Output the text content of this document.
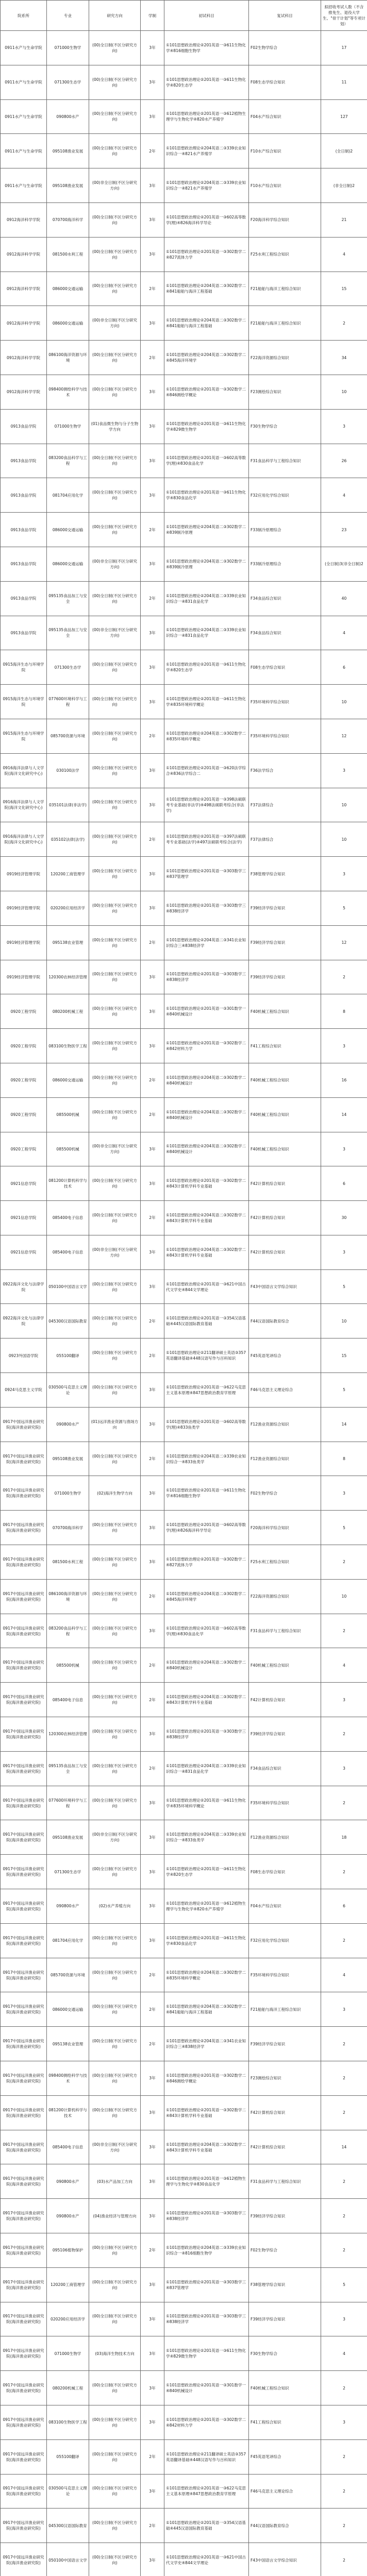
院系所	专业	研究方向	学制	初试科目	复试科目	拟招收考试人数（不含推免生、退役大学生、"骨干计划"等专项计划）
0911水产与生命学院	071000生物学	(00)全日制(不区分研究方向)	3年	①101思想政治理论②201英语一③611生物化学④816细胞生物学	F02生物学综合	17
0911水产与生命学院	071300生态学	(00)全日制(不区分研究方向)	3年	①101思想政治理论②201英语一③611生物化学④820生态学	F08生态学综合知识	11
0911水产与生命学院	090800水产	(00)全日制(不区分研究方向)	3年	①101思想政治理论②201英语一③612植物生理学与生物化学④820水产养殖学	F04水产综合知识	127
0911水产与生命学院	095108渔业发展	(00)全日制(不区分研究方向)	2年	①101思想政治理论②204英语二③339农业知识综合一④821水产养殖学	F10水产综合知识	(全日制)2
0911水产与生命学院	095108渔业发展	(00)非全日制(不区分研究方向)	3年	①101思想政治理论②204英语二③339农业知识综合一④821水产养殖学	F10水产综合知识	(非全日制)2
0912海洋科学学院	070700海洋科学	(00)全日制(不区分研究方向)	3年	①101思想政治理论②201英语一③602高等数学(理)④826海洋科学导论	F20海洋科学综合知识	21
0912海洋科学学院	081500水利工程	(00)全日制(不区分研究方向)	3年	①101思想政治理论②201英语一③302数学二④827流体力学	F25水利工程综合知识	4
0912海洋科学学院	086000交通运输	(00)全日制(不区分研究方向)	2年	①101思想政治理论②204英语二③302数学二④841船舶与海洋工程基础	F21船舶与海洋工程综合知识	15
0912海洋科学学院	086000交通运输	(00)非全日制(不区分研究方向)	3年	①101思想政治理论②204英语二③302数学二④841船舶与海洋工程基础	F21船舶与海洋工程综合知识	2
0912海洋科学学院	086100海洋资源与环境	(00)全日制(不区分研究方向)	2年	①101思想政治理论②204英语二③302数学二④845海洋环境学	F22海洋资源综合知识	34
0912海洋科学学院	098400测绘科学与技术	(00)全日制(不区分研究方向)	3年	①101思想政治理论②201英语一③302数学二④846测绘学概论	F23测绘综合知识	10
0913食品学院	071000生物学	(01)食品微生物与分子生物学方向	3年	①101思想政治理论②201英语一③611生物化学④829微生物学	F30生物学综合	3
0913食品学院	083200食品科学与工程	(00)全日制(不区分研究方向)	3年	①101思想政治理论②201英语一③602高等数学(理)④830食品化学	F31食品科学与工程综合知识	26
0913食品学院	081704应用化学	(00)全日制(不区分研究方向)	3年	①101思想政治理论②201英语一③611生物化学④830食品化学	F32应用化学综合知识	4
0913食品学院	086000交通运输	(00)全日制(不区分研究方向)	2年	①101思想政治理论②204英语二③302数学二④839制冷原理	F33制冷原理综合	23
0913食品学院	086000交通运输	(00)非全日制(不区分研究方向)	3年	①101思想政治理论②204英语二③302数学二④839制冷原理	F33制冷原理综合	(全日制)3(非全日制)2
0913食品学院	095135食品加工与安全	(00)全日制(不区分研究方向)	2年	①101思想政治理论②204英语二③339农业知识综合一④831食品化学	F34食品综合知识	40
0913食品学院	095135食品加工与安全	(00)非全日制(不区分研究方向)	3年	①101思想政治理论②204英语二③339农业知识综合一④831食品化学	F34食品综合知识	4
0915海洋生态与环境学院	071300生态学	(00)全日制(不区分研究方向)	3年	①101思想政治理论②201英语一③611生物化学④820生态学	F08生态学综合知识	6
0915海洋生态与环境学院	077600环境科学与工程	(00)全日制(不区分研究方向)	3年	①101思想政治理论②201英语一③611生物化学④835环境科学概论	F35环境科学综合知识	10
0915海洋生态与环境学院	085700资源与环境	(00)全日制(不区分研究方向)	2年	①101思想政治理论②204英语二③302数学二④835环境科学概论	F35环境科学综合知识	12
0916海洋法律与人文学院(海洋文化研究中心)	030100法学	(00)全日制(不区分研究方向)	3年	①101思想政治理论②201英语一③620法学综合④836法学综合二	F36法学综合	3
0916海洋法律与人文学院(海洋文化研究中心)	035101法律(非法学)	(00)全日制(不区分研究方向)	3年	①101思想政治理论②201英语一③398法硕联考专业基础(非法学)④498法硕联考综合(非法学)	F37法律综合	10
0916海洋法律与人文学院(海洋文化研究中心)	035102法律(法学)	(00)全日制(不区分研究方向)	2年	①101思想政治理论②201英语一③397法硕联考专业基础(法学)④497法硕联考综合(法学)	F37法律综合	10
0919经济管理学院	120200工商管理学	(00)全日制(不区分研究方向)	3年	①101思想政治理论②201英语一③303数学三④837管理学	F38管理学综合知识	3
0919经济管理学院	020200应用经济学	(00)全日制(不区分研究方向)	3年	①101思想政治理论②201英语一③303数学三④838经济学	F39经济学综合知识	5
0919经济管理学院	095138农业管理	(00)全日制(不区分研究方向)	2年	①101思想政治理论②204英语二③341农业知识综合三④838经济学	F39经济学综合知识	12
0919经济管理学院	120300农林经济管理	(00)全日制(不区分研究方向)	3年	①101思想政治理论②201英语一③303数学三④838经济学	F39经济学综合知识	2
0920工程学院	080200机械工程	(00)全日制(不区分研究方向)	3年	①101思想政治理论②201英语一③301数学一④840机械设计	F40机械工程综合知识	8
0920工程学院	083100生物医学工程	(00)全日制(不区分研究方向)	3年	①101思想政治理论②201英语一③302数学二④842材料力学	F41工程综合知识	3
0920工程学院	086000交通运输	(00)全日制(不区分研究方向)	2年	①101思想政治理论②204英语二③302数学二④840机械设计	F40机械工程综合知识	16
0920工程学院	085500机械	(00)全日制(不区分研究方向)	2年	①101思想政治理论②204英语二③302数学二④840机械设计	F40机械工程综合知识	14
0920工程学院	085500机械	(00)非全日制(不区分研究方向)	3年	①101思想政治理论②204英语二③302数学二④840机械设计	F40机械工程综合知识	3
0921信息学院	081200计算机科学与技术	(00)全日制(不区分研究方向)	3年	①101思想政治理论②201英语一③302数学二④843计算机学科专业基础	F42计算机综合知识	6
0921信息学院	085400电子信息	(00)全日制(不区分研究方向)	2年	①101思想政治理论②204英语二③302数学二④843计算机学科专业基础	F42计算机综合知识	30
0921信息学院	085400电子信息	(00)非全日制(不区分研究方向)	3年	①101思想政治理论②204英语二③302数学二④843计算机学科专业基础	F42计算机综合知识	3
0922海洋文化与法律学院	050100中国语言文学	(00)全日制(不区分研究方向)	3年	①101思想政治理论②201英语一③621中国古代文学史④844文学理论	F43中国语言文学综合知识	5
0922海洋文化与法律学院	045300汉语国际教育	(00)全日制(不区分研究方向)	2年	①101思想政治理论②201英语一③354汉语基础④445汉语国际教育基础	F44汉语国际教育综合	10
0923外国语学院	055100翻译	(00)全日制(不区分研究方向)	2年	①101思想政治理论②211翻译硕士英语③357英语翻译基础④448汉语写作与百科知识	F45英语笔译综合	15
0924马克思主义学院	030500马克思主义理论	(00)全日制(不区分研究方向)	3年	①101思想政治理论②201英语一③622马克思主义基本原理④847思想政治教育学原理	F46马克思主义理论综合	5
0917中国远洋渔业研究院(海洋渔业研究院)	090800水产	(01)远洋渔业资源与渔场方向	3年	①101思想政治理论②201英语一③602高等数学(理)④833鱼类学	F12渔业资源综合知识	14
0917中国远洋渔业研究院(海洋渔业研究院)	095108渔业发展	(00)全日制(不区分研究方向)	2年	①101思想政治理论②204英语二③339农业知识综合一④833鱼类学	F12渔业资源综合知识	8
0917中国远洋渔业研究院(海洋渔业研究院)	071000生物学	(02)海洋生物学方向	3年	①101思想政治理论②201英语一③611生物化学④816细胞生物学	F02生物学综合	3
0917中国远洋渔业研究院(海洋渔业研究院)	070700海洋科学	(00)全日制(不区分研究方向)	3年	①101思想政治理论②201英语一③602高等数学(理)④826海洋科学导论	F20海洋科学综合知识	5
0917中国远洋渔业研究院(海洋渔业研究院)	081500水利工程	(00)全日制(不区分研究方向)	3年	①101思想政治理论②201英语一③302数学二④827流体力学	F25水利工程综合知识	2
0917中国远洋渔业研究院(海洋渔业研究院)	086100海洋资源与环境	(00)全日制(不区分研究方向)	2年	①101思想政治理论②204英语二③302数学二④845海洋环境学	F22海洋资源综合知识	10
0917中国远洋渔业研究院(海洋渔业研究院)	083200食品科学与工程	(00)全日制(不区分研究方向)	3年	①101思想政治理论②201英语一③602高等数学(理)④830食品化学	F31食品科学与工程综合知识	2
0917中国远洋渔业研究院(海洋渔业研究院)	085500机械	(00)全日制(不区分研究方向)	2年	①101思想政治理论②204英语二③302数学二④840机械设计	F40机械工程综合知识	4
0917中国远洋渔业研究院(海洋渔业研究院)	085400电子信息	(00)全日制(不区分研究方向)	2年	①101思想政治理论②204英语二③302数学二④843计算机学科专业基础	F42计算机综合知识	3
0917中国远洋渔业研究院(海洋渔业研究院)	120300农林经济管理	(00)全日制(不区分研究方向)	3年	①101思想政治理论②201英语一③303数学三④838经济学	F39经济学综合知识	2
0917中国远洋渔业研究院(海洋渔业研究院)	095135食品加工与安全	(00)全日制(不区分研究方向)	2年	①101思想政治理论②204英语二③339农业知识综合一④831食品化学	F34食品综合知识	3
0917中国远洋渔业研究院(海洋渔业研究院)	077600环境科学与工程	(00)全日制(不区分研究方向)	3年	①101思想政治理论②201英语一③611生物化学④835环境科学概论	F35环境科学综合知识	2
0917中国远洋渔业研究院(海洋渔业研究院)	095108渔业发展	(00)非全日制(不区分研究方向)	3年	①101思想政治理论②204英语二③339农业知识综合一④833鱼类学	F12渔业资源综合知识	18
0917中国远洋渔业研究院(海洋渔业研究院)	071300生态学	(00)全日制(不区分研究方向)	3年	①101思想政治理论②201英语一③611生物化学④820生态学	F08生态学综合知识	2
0917中国远洋渔业研究院(海洋渔业研究院)	090800水产	(02)水产养殖方向	3年	①101思想政治理论②201英语一③612植物生理学与生物化学④820水产养殖学	F04水产综合知识	6
0917中国远洋渔业研究院(海洋渔业研究院)	081704应用化学	(00)全日制(不区分研究方向)	3年	①101思想政治理论②201英语一③611生物化学④830食品化学	F32应用化学综合知识	2
0917中国远洋渔业研究院(海洋渔业研究院)	085700资源与环境	(00)全日制(不区分研究方向)	2年	①101思想政治理论②204英语二③302数学二④835环境科学概论	F35环境科学综合知识	4
0917中国远洋渔业研究院(海洋渔业研究院)	086000交通运输	(00)全日制(不区分研究方向)	2年	①101思想政治理论②204英语二③302数学二④841船舶与海洋工程基础	F21船舶与海洋工程综合知识	3
0917中国远洋渔业研究院(海洋渔业研究院)	095138农业管理	(00)全日制(不区分研究方向)	2年	①101思想政治理论②204英语二③341农业知识综合三④838经济学	F39经济学综合知识	2
0917中国远洋渔业研究院(海洋渔业研究院)	098400测绘科学与技术	(00)全日制(不区分研究方向)	3年	①101思想政治理论②201英语一③302数学二④846测绘学概论	F23测绘综合知识	2
0917中国远洋渔业研究院(海洋渔业研究院)	081200计算机科学与技术	(00)全日制(不区分研究方向)	3年	①101思想政治理论②201英语一③302数学二④843计算机学科专业基础	F42计算机综合知识	2
0917中国远洋渔业研究院(海洋渔业研究院)	085400电子信息	(00)非全日制(不区分研究方向)	3年	①101思想政治理论②204英语二③302数学二④843计算机学科专业基础	F42计算机综合知识	14
0917中国远洋渔业研究院(海洋渔业研究院)	090800水产	(03)水产品加工方向	3年	①101思想政治理论②201英语一③612植物生理学与生物化学④830食品化学	F31食品科学与工程综合知识	2
0917中国远洋渔业研究院(海洋渔业研究院)	090800水产	(04)渔业经济与管理方向	3年	①101思想政治理论②201英语一③303数学三④838经济学	F39经济学综合知识	2
0917中国远洋渔业研究院(海洋渔业研究院)	095106植物保护	(00)全日制(不区分研究方向)	2年	①101思想政治理论②204英语二③339农业知识综合一④816细胞生物学	F02生物学综合	2
0917中国远洋渔业研究院(海洋渔业研究院)	120200工商管理学	(00)全日制(不区分研究方向)	3年	①101思想政治理论②201英语一③303数学三④837管理学	F38管理学综合知识	5
0917中国远洋渔业研究院(海洋渔业研究院)	020200应用经济学	(00)全日制(不区分研究方向)	3年	①101思想政治理论②201英语一③303数学三④838经济学	F39经济学综合知识	3
0917中国远洋渔业研究院(海洋渔业研究院)	071000生物学	(03)海洋生物技术方向	3年	①101思想政治理论②201英语一③611生物化学④829微生物学	F30生物学综合	4
0917中国远洋渔业研究院(海洋渔业研究院)	080200机械工程	(00)全日制(不区分研究方向)	3年	①101思想政治理论②201英语一③301数学一④840机械设计	F40机械工程综合知识	2
0917中国远洋渔业研究院(海洋渔业研究院)	083100生物医学工程	(00)全日制(不区分研究方向)	3年	①101思想政治理论②201英语一③302数学二④842材料力学	F41工程综合知识	3
0917中国远洋渔业研究院(海洋渔业研究院)	055100翻译	(00)全日制(不区分研究方向)	2年	①101思想政治理论②211翻译硕士英语③357英语翻译基础④448汉语写作与百科知识	F45英语笔译综合	2
0917中国远洋渔业研究院(海洋渔业研究院)	030500马克思主义理论	(00)全日制(不区分研究方向)	3年	①101思想政治理论②201英语一③622马克思主义基本原理④847思想政治教育学原理	F46马克思主义理论综合	2
0917中国远洋渔业研究院(海洋渔业研究院)	045300汉语国际教育	(00)全日制(不区分研究方向)	2年	①101思想政治理论②201英语一③354汉语基础④445汉语国际教育基础	F44汉语国际教育综合	2
0917中国远洋渔业研究院(海洋渔业研究院)	050100中国语言文学	(00)全日制(不区分研究方向)	3年	①101思想政治理论②201英语一③621中国古代文学史④844文学理论	F43中国语言文学综合知识	2
